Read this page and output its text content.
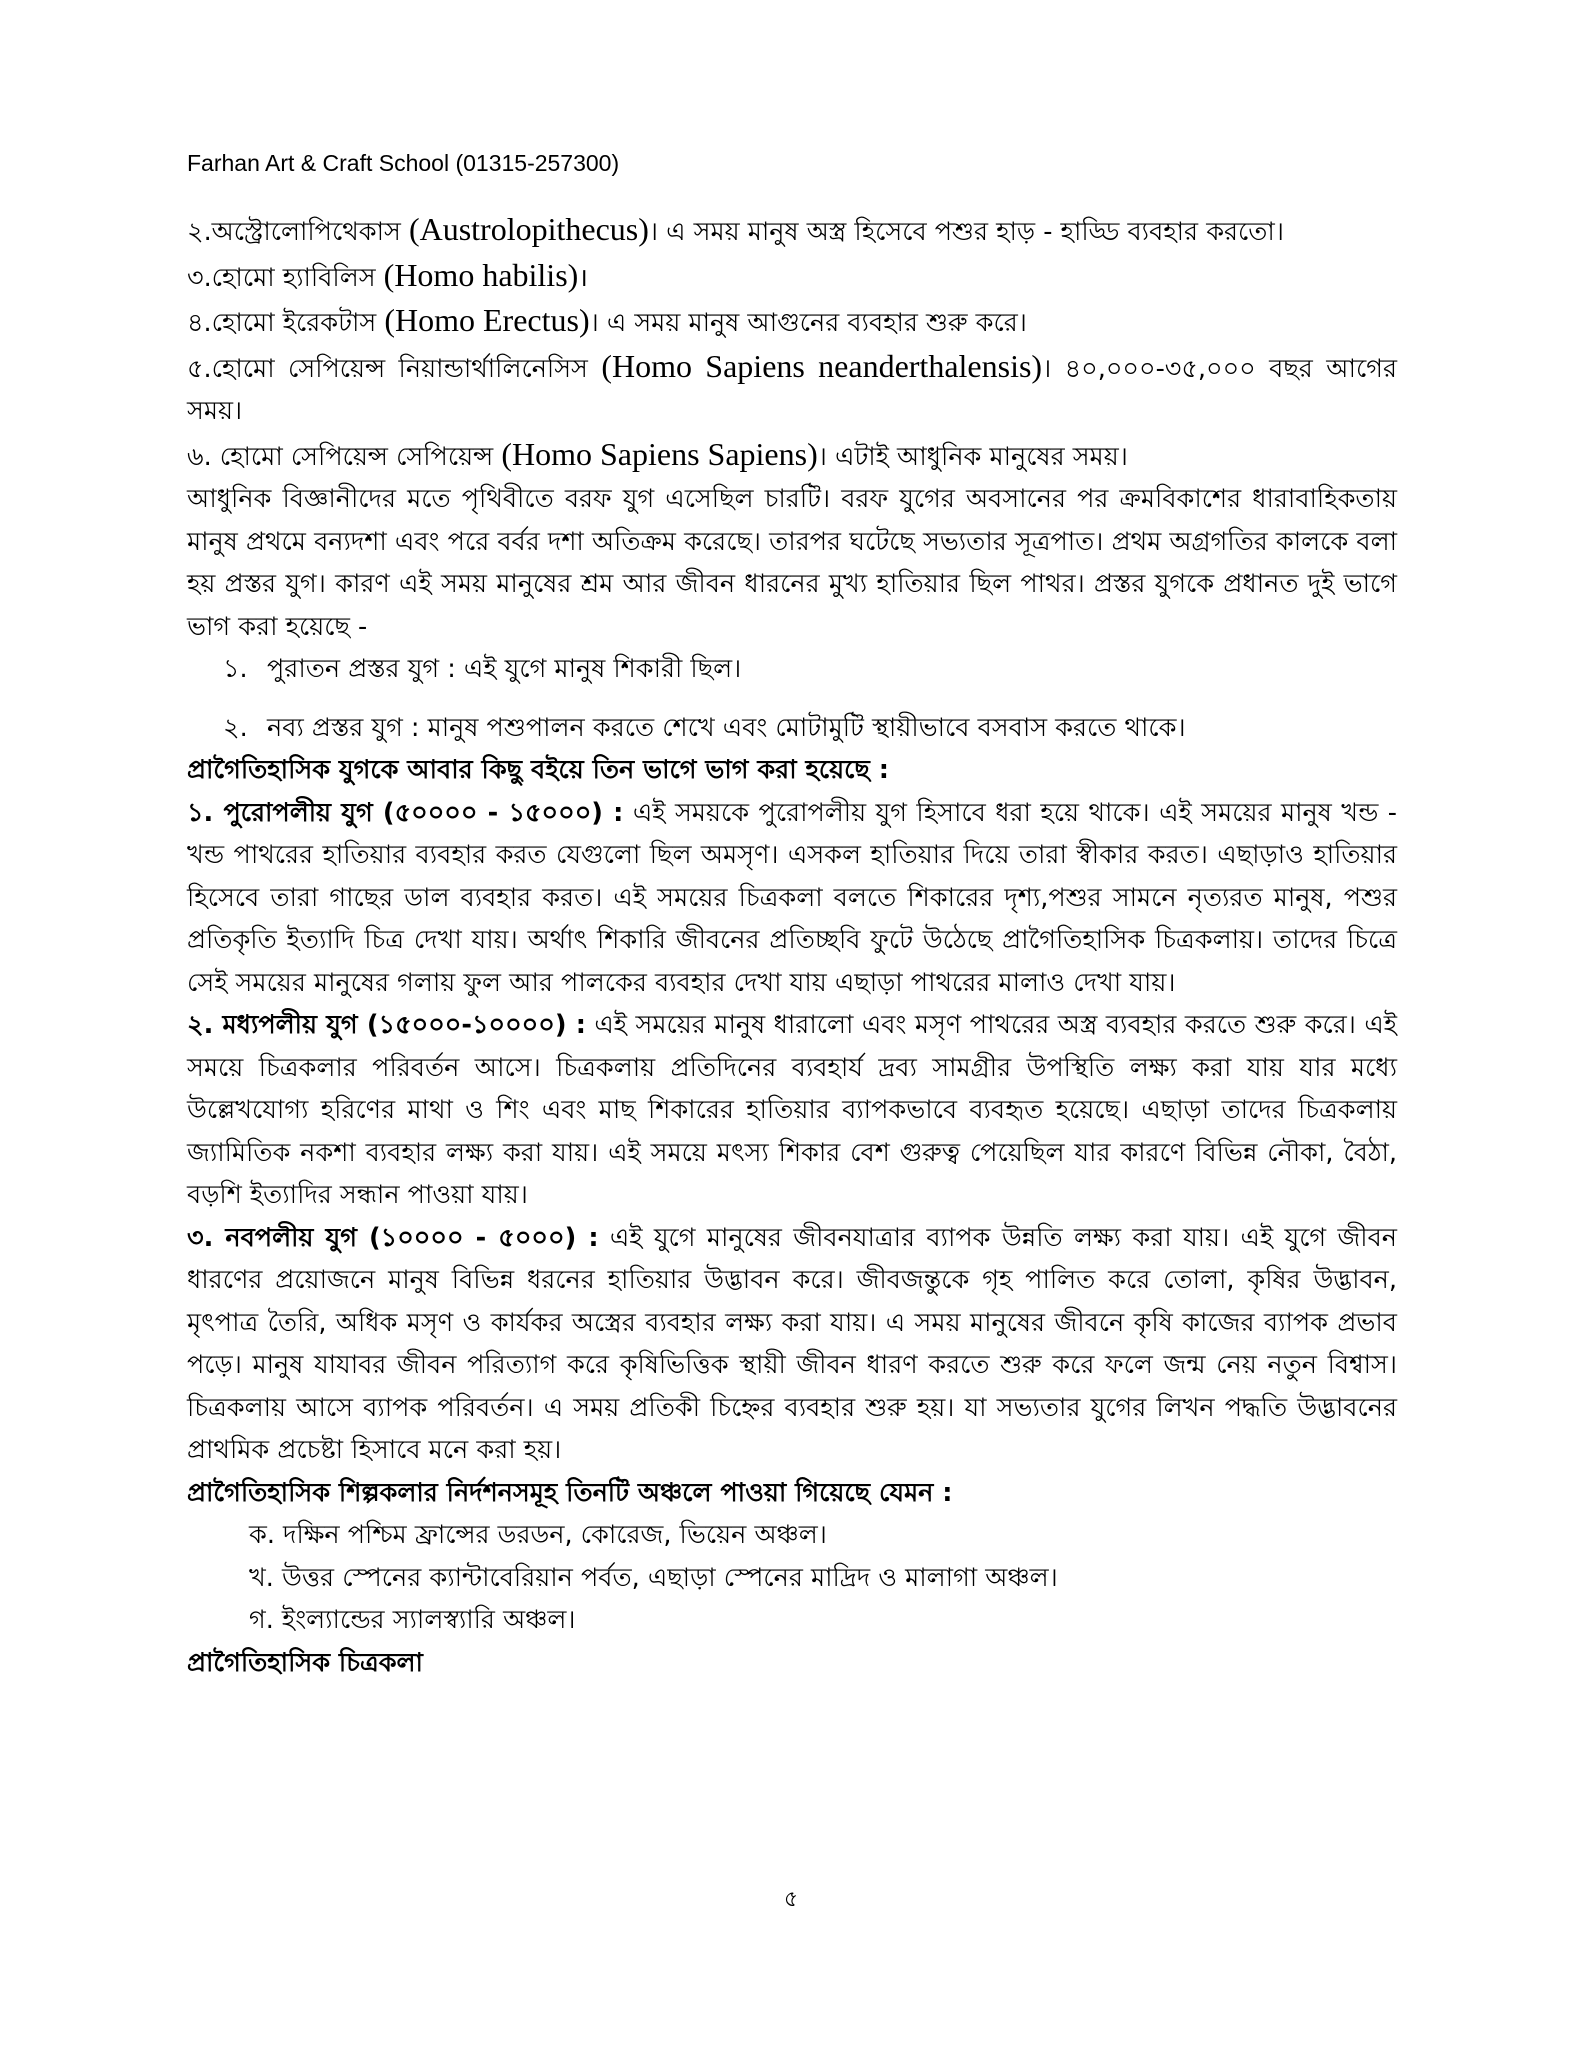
Farhan Art & Craft School (01315-257300)

২.অস্ট্রোলোপিথেকাস (Austrolopithecus)। এ সময় মানুষ অস্ত্র হিসেবে পশুর হাড় - হাড্ডি ব্যবহার করতো।

৩.হোমো হ্যাবিলিস (Homo habilis)।

৪.হোমো ইরেকটাস (Homo Erectus)। এ সময় মানুষ আগুনের ব্যবহার শুরু করে।

৫.হোমো সেপিয়েন্স নিয়ান্ডার্থালিনেসিস (Homo Sapiens neanderthalensis)। ৪০,০০০-৩৫,০০০ বছর আগের সময়।

৬. হোমো সেপিয়েন্স সেপিয়েন্স (Homo Sapiens Sapiens)। এটাই আধুনিক মানুষের সময়।

আধুনিক বিজ্ঞানীদের মতে পৃথিবীতে বরফ যুগ এসেছিল চারটি। বরফ যুগের অবসানের পর ক্রমবিকাশের ধারাবাহিকতায় মানুষ প্রথমে বন্যদশা এবং পরে বর্বর দশা অতিক্রম করেছে। তারপর ঘটেছে সভ্যতার সূত্রপাত। প্রথম অগ্রগতির কালকে বলা হয় প্রস্তর যুগ। কারণ এই সময় মানুষের শ্রম আর জীবন ধারনের মুখ্য হাতিয়ার ছিল পাথর। প্রস্তর যুগকে প্রধানত দুই ভাগে ভাগ করা হয়েছে -

১. পুরাতন প্রস্তর যুগ : এই যুগে মানুষ শিকারী ছিল।

২. নব্য প্রস্তর যুগ : মানুষ পশুপালন করতে শেখে এবং মোটামুটি স্থায়ীভাবে বসবাস করতে থাকে।

প্রাগৈতিহাসিক যুগকে আবার কিছু বইয়ে তিন ভাগে ভাগ করা হয়েছে :

১. পুরোপলীয় যুগ (৫০০০০ - ১৫০০০) : এই সময়কে পুরোপলীয় যুগ হিসাবে ধরা হয়ে থাকে। এই সময়ের মানুষ খন্ড - খন্ড পাথরের হাতিয়ার ব্যবহার করত যেগুলো ছিল অমসৃণ। এসকল হাতিয়ার দিয়ে তারা স্বীকার করত। এছাড়াও হাতিয়ার হিসেবে তারা গাছের ডাল ব্যবহার করত। এই সময়ের চিত্রকলা বলতে শিকারের দৃশ্য,পশুর সামনে নৃত্যরত মানুষ, পশুর প্রতিকৃতি ইত্যাদি চিত্র দেখা যায়। অর্থাৎ শিকারি জীবনের প্রতিচ্ছবি ফুটে উঠেছে প্রাগৈতিহাসিক চিত্রকলায়। তাদের চিত্রে সেই সময়ের মানুষের গলায় ফুল আর পালকের ব্যবহার দেখা যায় এছাড়া পাথরের মালাও দেখা যায়।

২. মধ্যপলীয় যুগ (১৫০০০-১০০০০) : এই সময়ের মানুষ ধারালো এবং মসৃণ পাথরের অস্ত্র ব্যবহার করতে শুরু করে। এই সময়ে চিত্রকলার পরিবর্তন আসে। চিত্রকলায় প্রতিদিনের ব্যবহার্য দ্রব্য সামগ্রীর উপস্থিতি লক্ষ্য করা যায় যার মধ্যে উল্লেখযোগ্য হরিণের মাথা ও শিং এবং মাছ শিকারের হাতিয়ার ব্যাপকভাবে ব্যবহৃত হয়েছে। এছাড়া তাদের চিত্রকলায় জ্যামিতিক নকশা ব্যবহার লক্ষ্য করা যায়। এই সময়ে মৎস্য শিকার বেশ গুরুত্ব পেয়েছিল যার কারণে বিভিন্ন নৌকা, বৈঠা, বড়শি ইত্যাদির সন্ধান পাওয়া যায়।

৩. নবপলীয় যুগ (১০০০০ - ৫০০০) : এই যুগে মানুষের জীবনযাত্রার ব্যাপক উন্নতি লক্ষ্য করা যায়। এই যুগে জীবন ধারণের প্রয়োজনে মানুষ বিভিন্ন ধরনের হাতিয়ার উদ্ভাবন করে। জীবজন্তুকে গৃহ পালিত করে তোলা, কৃষির উদ্ভাবন, মৃৎপাত্র তৈরি, অধিক মসৃণ ও কার্যকর অস্ত্রের ব্যবহার লক্ষ্য করা যায়। এ সময় মানুষের জীবনে কৃষি কাজের ব্যাপক প্রভাব পড়ে। মানুষ যাযাবর জীবন পরিত্যাগ করে কৃষিভিত্তিক স্থায়ী জীবন ধারণ করতে শুরু করে ফলে জন্ম নেয় নতুন বিশ্বাস। চিত্রকলায় আসে ব্যাপক পরিবর্তন। এ সময় প্রতিকী চিহ্নের ব্যবহার শুরু হয়। যা সভ্যতার যুগের লিখন পদ্ধতি উদ্ভাবনের প্রাথমিক প্রচেষ্টা হিসাবে মনে করা হয়।

প্রাগৈতিহাসিক শিল্পকলার নির্দশনসমূহ তিনটি অঞ্চলে পাওয়া গিয়েছে যেমন :

ক. দক্ষিন পশ্চিম ফ্রান্সের ডরডন, কোরেজ, ভিয়েন অঞ্চল।

খ. উত্তর স্পেনের ক্যান্টাবেরিয়ান পর্বত, এছাড়া স্পেনের মাদ্রিদ ও মালাগা অঞ্চল।

গ. ইংল্যান্ডের স্যালস্ব্যারি অঞ্চল।

প্রাগৈতিহাসিক চিত্রকলা

৫
